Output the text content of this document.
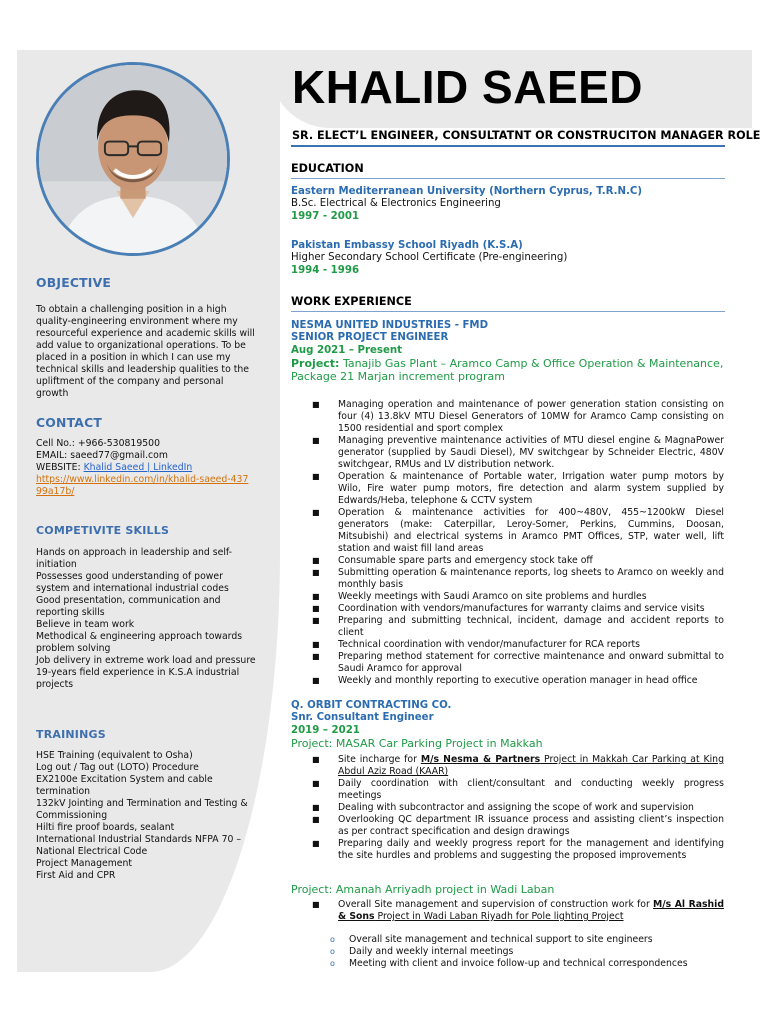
KHALID SAEED
SR. ELECT’L ENGINEER, CONSULTATNT OR CONSTRUCITON MANAGER ROLE
OBJECTIVE
To obtain a challenging position in a high quality-engineering environment where my resourceful experience and academic skills will add value to organizational operations. To be placed in a position in which I can use my technical skills and leadership qualities to the upliftment of the company and personal growth
CONTACT
Cell No.: +966-530819500
EMAIL: saeed77@gmail.com
WEBSITE: Khalid Saeed | LinkedIn
https://www.linkedin.com/in/khalid-saeed-43799a17b/
COMPETIVITE SKILLS
Hands on approach in leadership and self-initiation
Possesses good understanding of power system and international industrial codes
Good presentation, communication and reporting skills
Believe in team work
Methodical & engineering approach towards problem solving
Job delivery in extreme work load and pressure
19-years field experience in K.S.A industrial projects
TRAININGS
HSE Training (equivalent to Osha)
Log out / Tag out (LOTO) Procedure
EX2100e Excitation System and cable termination
132kV Jointing and Termination and Testing & Commissioning
Hilti fire proof boards, sealant
International Industrial Standards NFPA 70 – National Electrical Code
Project Management
First Aid and CPR
EDUCATION
Eastern Mediterranean University (Northern Cyprus, T.R.N.C)
B.Sc. Electrical & Electronics Engineering
1997 - 2001
Pakistan Embassy School Riyadh (K.S.A)
Higher Secondary School Certificate (Pre-engineering)
1994 - 1996
WORK EXPERIENCE
NESMA UNITED INDUSTRIES - FMD
SENIOR PROJECT ENGINEER
Aug 2021 – Present
Project: Tanajib Gas Plant – Aramco Camp & Office Operation & Maintenance, Package 21 Marjan increment program
■ Managing operation and maintenance of power generation station consisting on four (4) 13.8kV MTU Diesel Generators of 10MW for Aramco Camp consisting on 1500 residential and sport complex
■ Managing preventive maintenance activities of MTU diesel engine & MagnaPower generator (supplied by Saudi Diesel), MV switchgear by Schneider Electric, 480V switchgear, RMUs and LV distribution network.
■ Operation & maintenance of Portable water, Irrigation water pump motors by Wilo, Fire water pump motors, fire detection and alarm system supplied by Edwards/Heba, telephone & CCTV system
■ Operation & maintenance activities for 400~480V, 455~1200kW Diesel generators (make: Caterpillar, Leroy-Somer, Perkins, Cummins, Doosan, Mitsubishi) and electrical systems in Aramco PMT Offices, STP, water well, lift station and waist fill land areas
■ Consumable spare parts and emergency stock take off
■ Submitting operation & maintenance reports, log sheets to Aramco on weekly and monthly basis
■ Weekly meetings with Saudi Aramco on site problems and hurdles
■ Coordination with vendors/manufactures for warranty claims and service visits
■ Preparing and submitting technical, incident, damage and accident reports to client
■ Technical coordination with vendor/manufacturer for RCA reports
■ Preparing method statement for corrective maintenance and onward submittal to Saudi Aramco for approval
■ Weekly and monthly reporting to executive operation manager in head office
Q. ORBIT CONTRACTING CO.
Snr. Consultant Engineer
2019 – 2021
Project: MASAR Car Parking Project in Makkah
■ Site incharge for M/s Nesma & Partners Project in Makkah Car Parking at King Abdul Aziz Road (KAAR)
■ Daily coordination with client/consultant and conducting weekly progress meetings
■ Dealing with subcontractor and assigning the scope of work and supervision
■ Overlooking QC department IR issuance process and assisting client’s inspection as per contract specification and design drawings
■ Preparing daily and weekly progress report for the management and identifying the site hurdles and problems and suggesting the proposed improvements
Project: Amanah Arriyadh project in Wadi Laban
■ Overall Site management and supervision of construction work for M/s Al Rashid & Sons Project in Wadi Laban Riyadh for Pole lighting Project
o Overall site management and technical support to site engineers
o Daily and weekly internal meetings
o Meeting with client and invoice follow-up and technical correspondences
